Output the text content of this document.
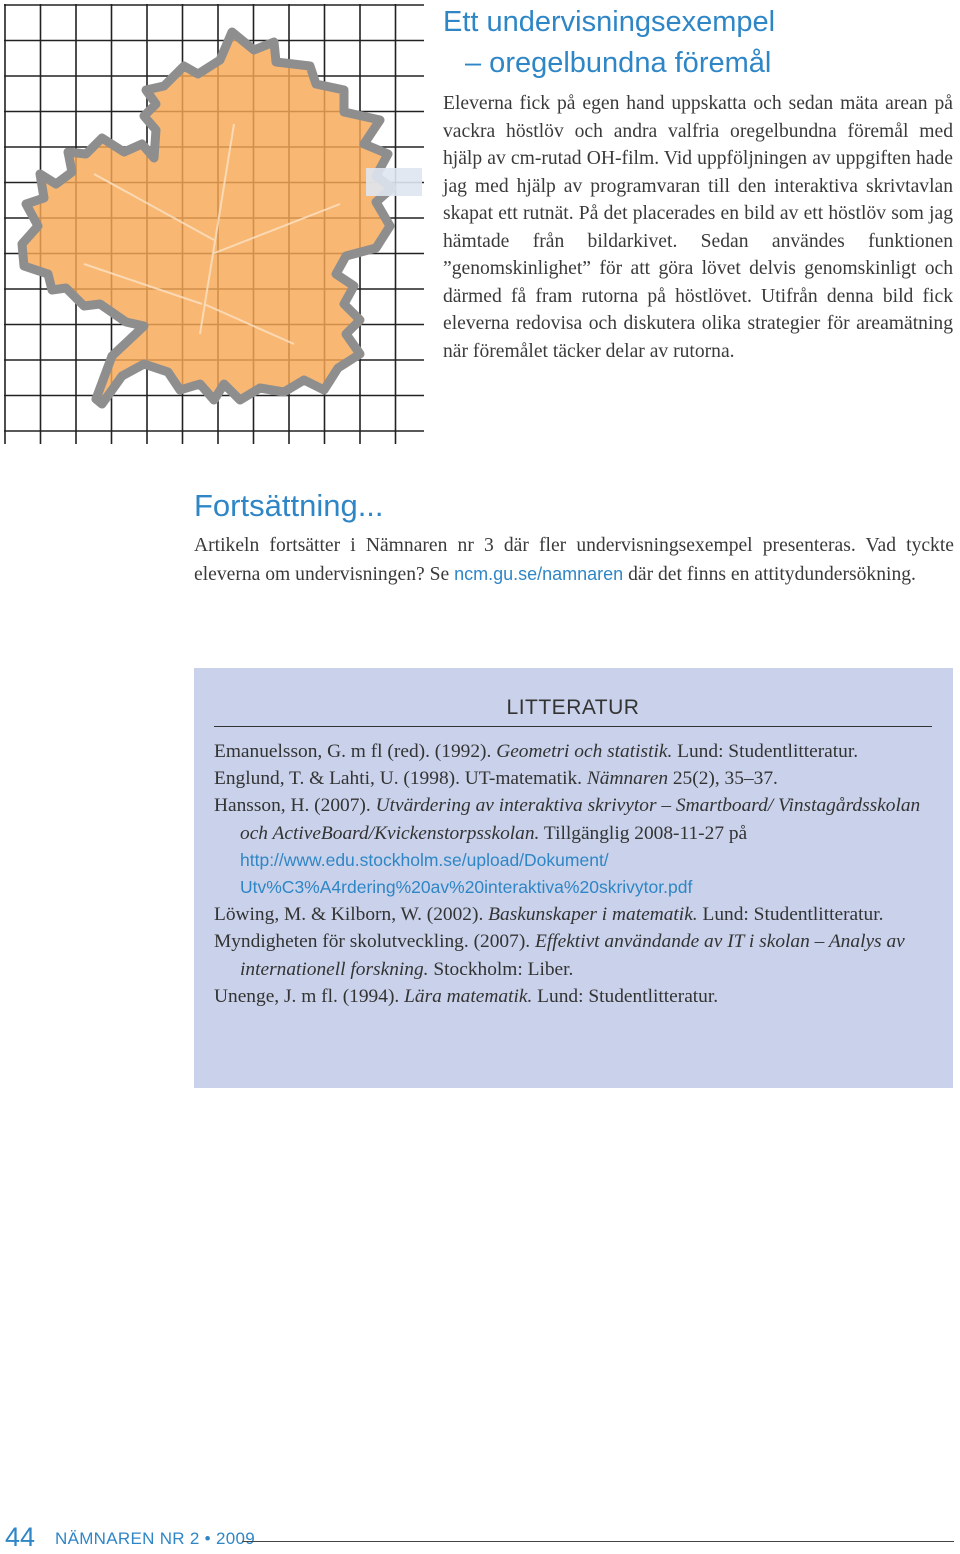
Ett undervisningsexempel
– oregelbundna föremål

Eleverna fick på egen hand uppskatta och sedan mäta arean på vackra höstlöv och andra valfria oregelbundna föremål med hjälp av cm-rutad OH-film. Vid uppföljningen av uppgiften hade jag med hjälp av programvaran till den interaktiva skrivtavlan skapat ett rutnät. På det placerades en bild av ett höstlöv som jag hämtade från bildarkivet. Sedan användes funktionen ”genomskinlighet” för att göra lövet delvis genomskinligt och därmed få fram rutorna på höstlövet. Utifrån denna bild fick eleverna redovisa och diskutera olika strategier för areamätning när föremålet täcker delar av rutorna.

Fortsättning...

Artikeln fortsätter i Nämnaren nr 3 där fler undervisningsexempel presenteras. Vad tyckte eleverna om undervisningen? Se ncm.gu.se/namnaren där det finns en attitydundersökning.

LITTERATUR
Emanuelsson, G. m fl (red). (1992). Geometri och statistik. Lund: Studentlitteratur.
Englund, T. & Lahti, U. (1998). UT-matematik. Nämnaren 25(2), 35–37.
Hansson, H. (2007). Utvärdering av interaktiva skrivytor – Smartboard/ Vinstagårdsskolan och ActiveBoard/Kvickenstorpsskolan. Tillgänglig 2008-11-27 på http://www.edu.stockholm.se/upload/Dokument/ Utv%C3%A4rdering%20av%20interaktiva%20skrivytor.pdf
Löwing, M. & Kilborn, W. (2002). Baskunskaper i matematik. Lund: Studentlitteratur.
Myndigheten för skolutveckling. (2007). Effektivt användande av IT i skolan – Analys av internationell forskning. Stockholm: Liber.
Unenge, J. m fl. (1994). Lära matematik. Lund: Studentlitteratur.
44 NÄMNAREN NR 2 • 2009
